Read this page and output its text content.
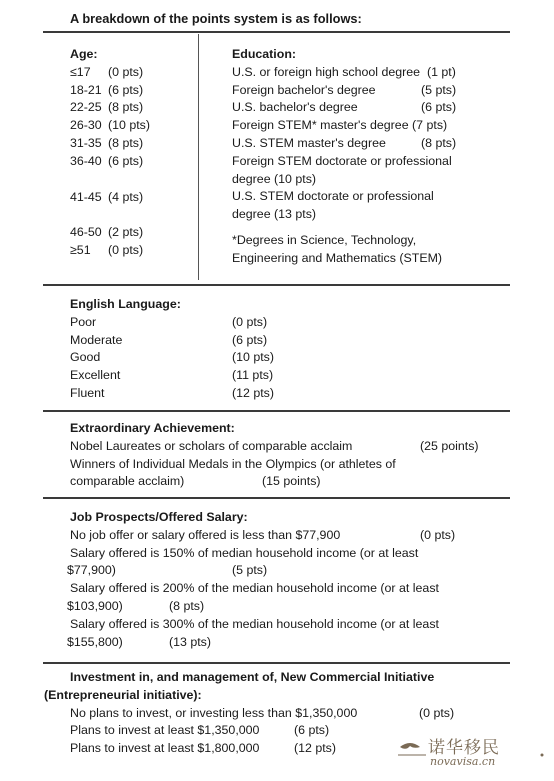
A breakdown of the points system is as follows:
Age:
≤17 (0 pts)
18-21 (6 pts)
22-25 (8 pts)
26-30 (10 pts)
31-35 (8 pts)
36-40 (6 pts)
41-45 (4 pts)
46-50 (2 pts)
≥51 (0 pts)
Education:
U.S. or foreign high school degree (1 pt)
Foreign bachelor's degree	(5 pts)
U.S. bachelor's degree	(6 pts)
Foreign STEM* master's degree (7 pts)
U.S. STEM master's degree	(8 pts)
Foreign STEM doctorate or professional
degree (10 pts)
U.S. STEM doctorate or professional
degree (13 pts)
*Degrees in Science, Technology,
Engineering and Mathematics (STEM)
English Language:
Poor	(0 pts)
Moderate	(6 pts)
Good	(10 pts)
Excellent	(11 pts)
Fluent	(12 pts)
Extraordinary Achievement:
Nobel Laureates or scholars of comparable acclaim	(25 points)
Winners of Individual Medals in the Olympics (or athletes of
comparable acclaim)	(15 points)
Job Prospects/Offered Salary:
No job offer or salary offered is less than $77,900	(0 pts)
Salary offered is 150% of median household income (or at least
$77,900)	(5 pts)
Salary offered is 200% of the median household income (or at least
$103,900)	(8 pts)
Salary offered is 300% of the median household income (or at least
$155,800)	(13 pts)
Investment in, and management of, New Commercial Initiative
(Entrepreneurial initiative):
No plans to invest, or investing less than $1,350,000	(0 pts)
Plans to invest at least $1,350,000	(6 pts)
Plans to invest at least $1,800,000	(12 pts)	诺华移民
novavisa.cn
